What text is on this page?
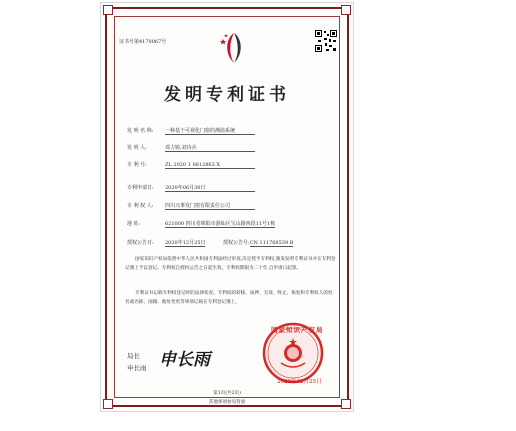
证书号第4170067号
发明专利证书
发 明 名 称: 一种基于可视化门窗的测温系统
发 明 人:	邓力锐;刘诗兵
专 利 号:	ZL 2020 1 0612863.X
专利申请日: 2020年06月30日
专 利 权 人: 四川兴事发门窗有限责任公司
地 址:	621000 四川省绵阳市游仙区宝山路西段11号1栋
授权公告日: 2020年12月25日	授权公告号:CN 111768539 B
国家知识产权局依照中华人民共和国专利法经过审查,决定授予专利权,颁发发明专利证书并在专利登记簿上予以登记。专利权自授权公告之日起生效。专利权期限为二十年,自申请日起算。
专利证书记载专利权登记时的法律状况。专利权的转移、质押、无效、终止、恢复和专利权人的姓名或名称、国籍、地址变更等事项记载在专利登记簿上。
局长
申长雨 申长雨
国家知识产权局
2020年12月25日
第1页(共2页)
其他事项参见背面
